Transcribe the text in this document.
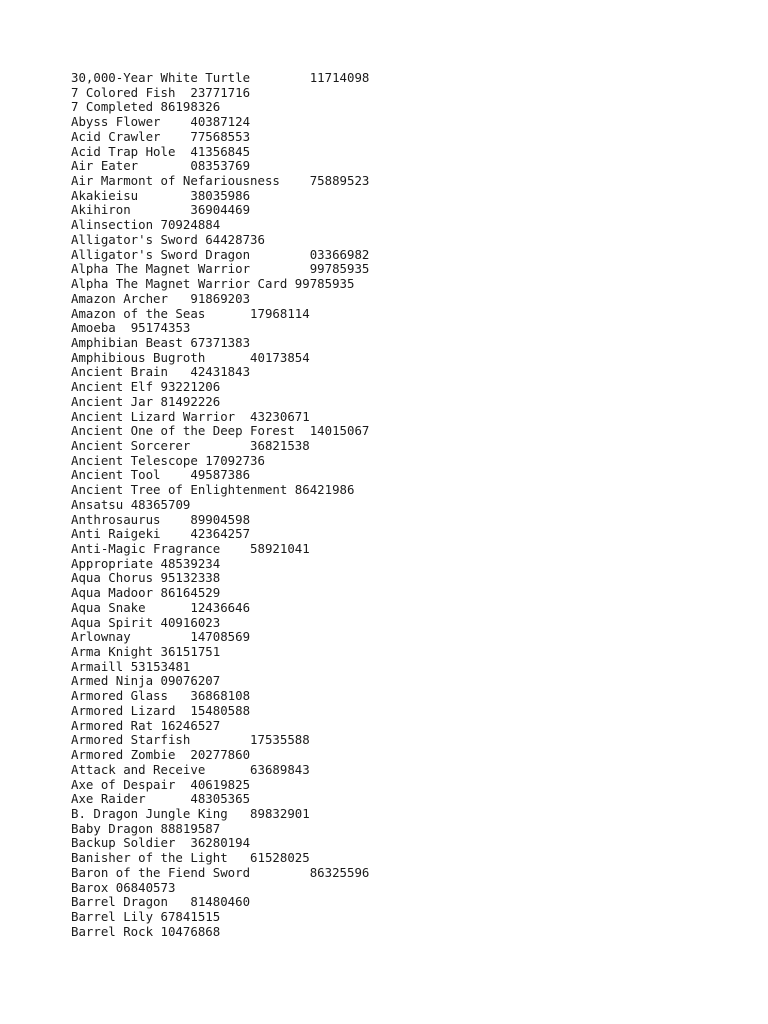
30,000-Year White Turtle	11714098
7 Colored Fish	23771716
7 Completed 86198326
Abyss Flower	40387124
Acid Crawler	77568553
Acid Trap Hole	41356845
Air Eater	08353769
Air Marmont of Nefariousness	75889523
Akakieisu	38035986
Akihiron	36904469
Alinsection 70924884
Alligator's Sword 64428736
Alligator's Sword Dragon	03366982
Alpha The Magnet Warrior	99785935
Alpha The Magnet Warrior Card 99785935
Amazon Archer	91869203
Amazon of the Seas	17968114
Amoeba	95174353
Amphibian Beast	67371383
Amphibious Bugroth	40173854
Ancient Brain	42431843
Ancient Elf 93221206
Ancient Jar 81492226
Ancient Lizard Warrior	43230671
Ancient One of the Deep Forest	14015067
Ancient Sorcerer	36821538
Ancient Telescope 17092736
Ancient Tool	49587386
Ancient Tree of Enlightenment 86421986
Ansatsu	48365709
Anthrosaurus	89904598
Anti Raigeki	42364257
Anti-Magic Fragrance	58921041
Appropriate 48539234
Aqua Chorus 95132338
Aqua Madoor 86164529
Aqua Snake	12436646
Aqua Spirit 40916023
Arlownay	14708569
Arma Knight 36151751
Armaill	53153481
Armed Ninja 09076207
Armored Glass	36868108
Armored Lizard	15480588
Armored Rat 16246527
Armored Starfish	17535588
Armored Zombie	20277860
Attack and Receive	63689843
Axe of Despair	40619825
Axe Raider	48305365
B. Dragon Jungle King	89832901
Baby Dragon 88819587
Backup Soldier	36280194
Banisher of the Light	61528025
Baron of the Fiend Sword	86325596
Barox 06840573
Barrel Dragon	81480460
Barrel Lily 67841515
Barrel Rock 10476868
